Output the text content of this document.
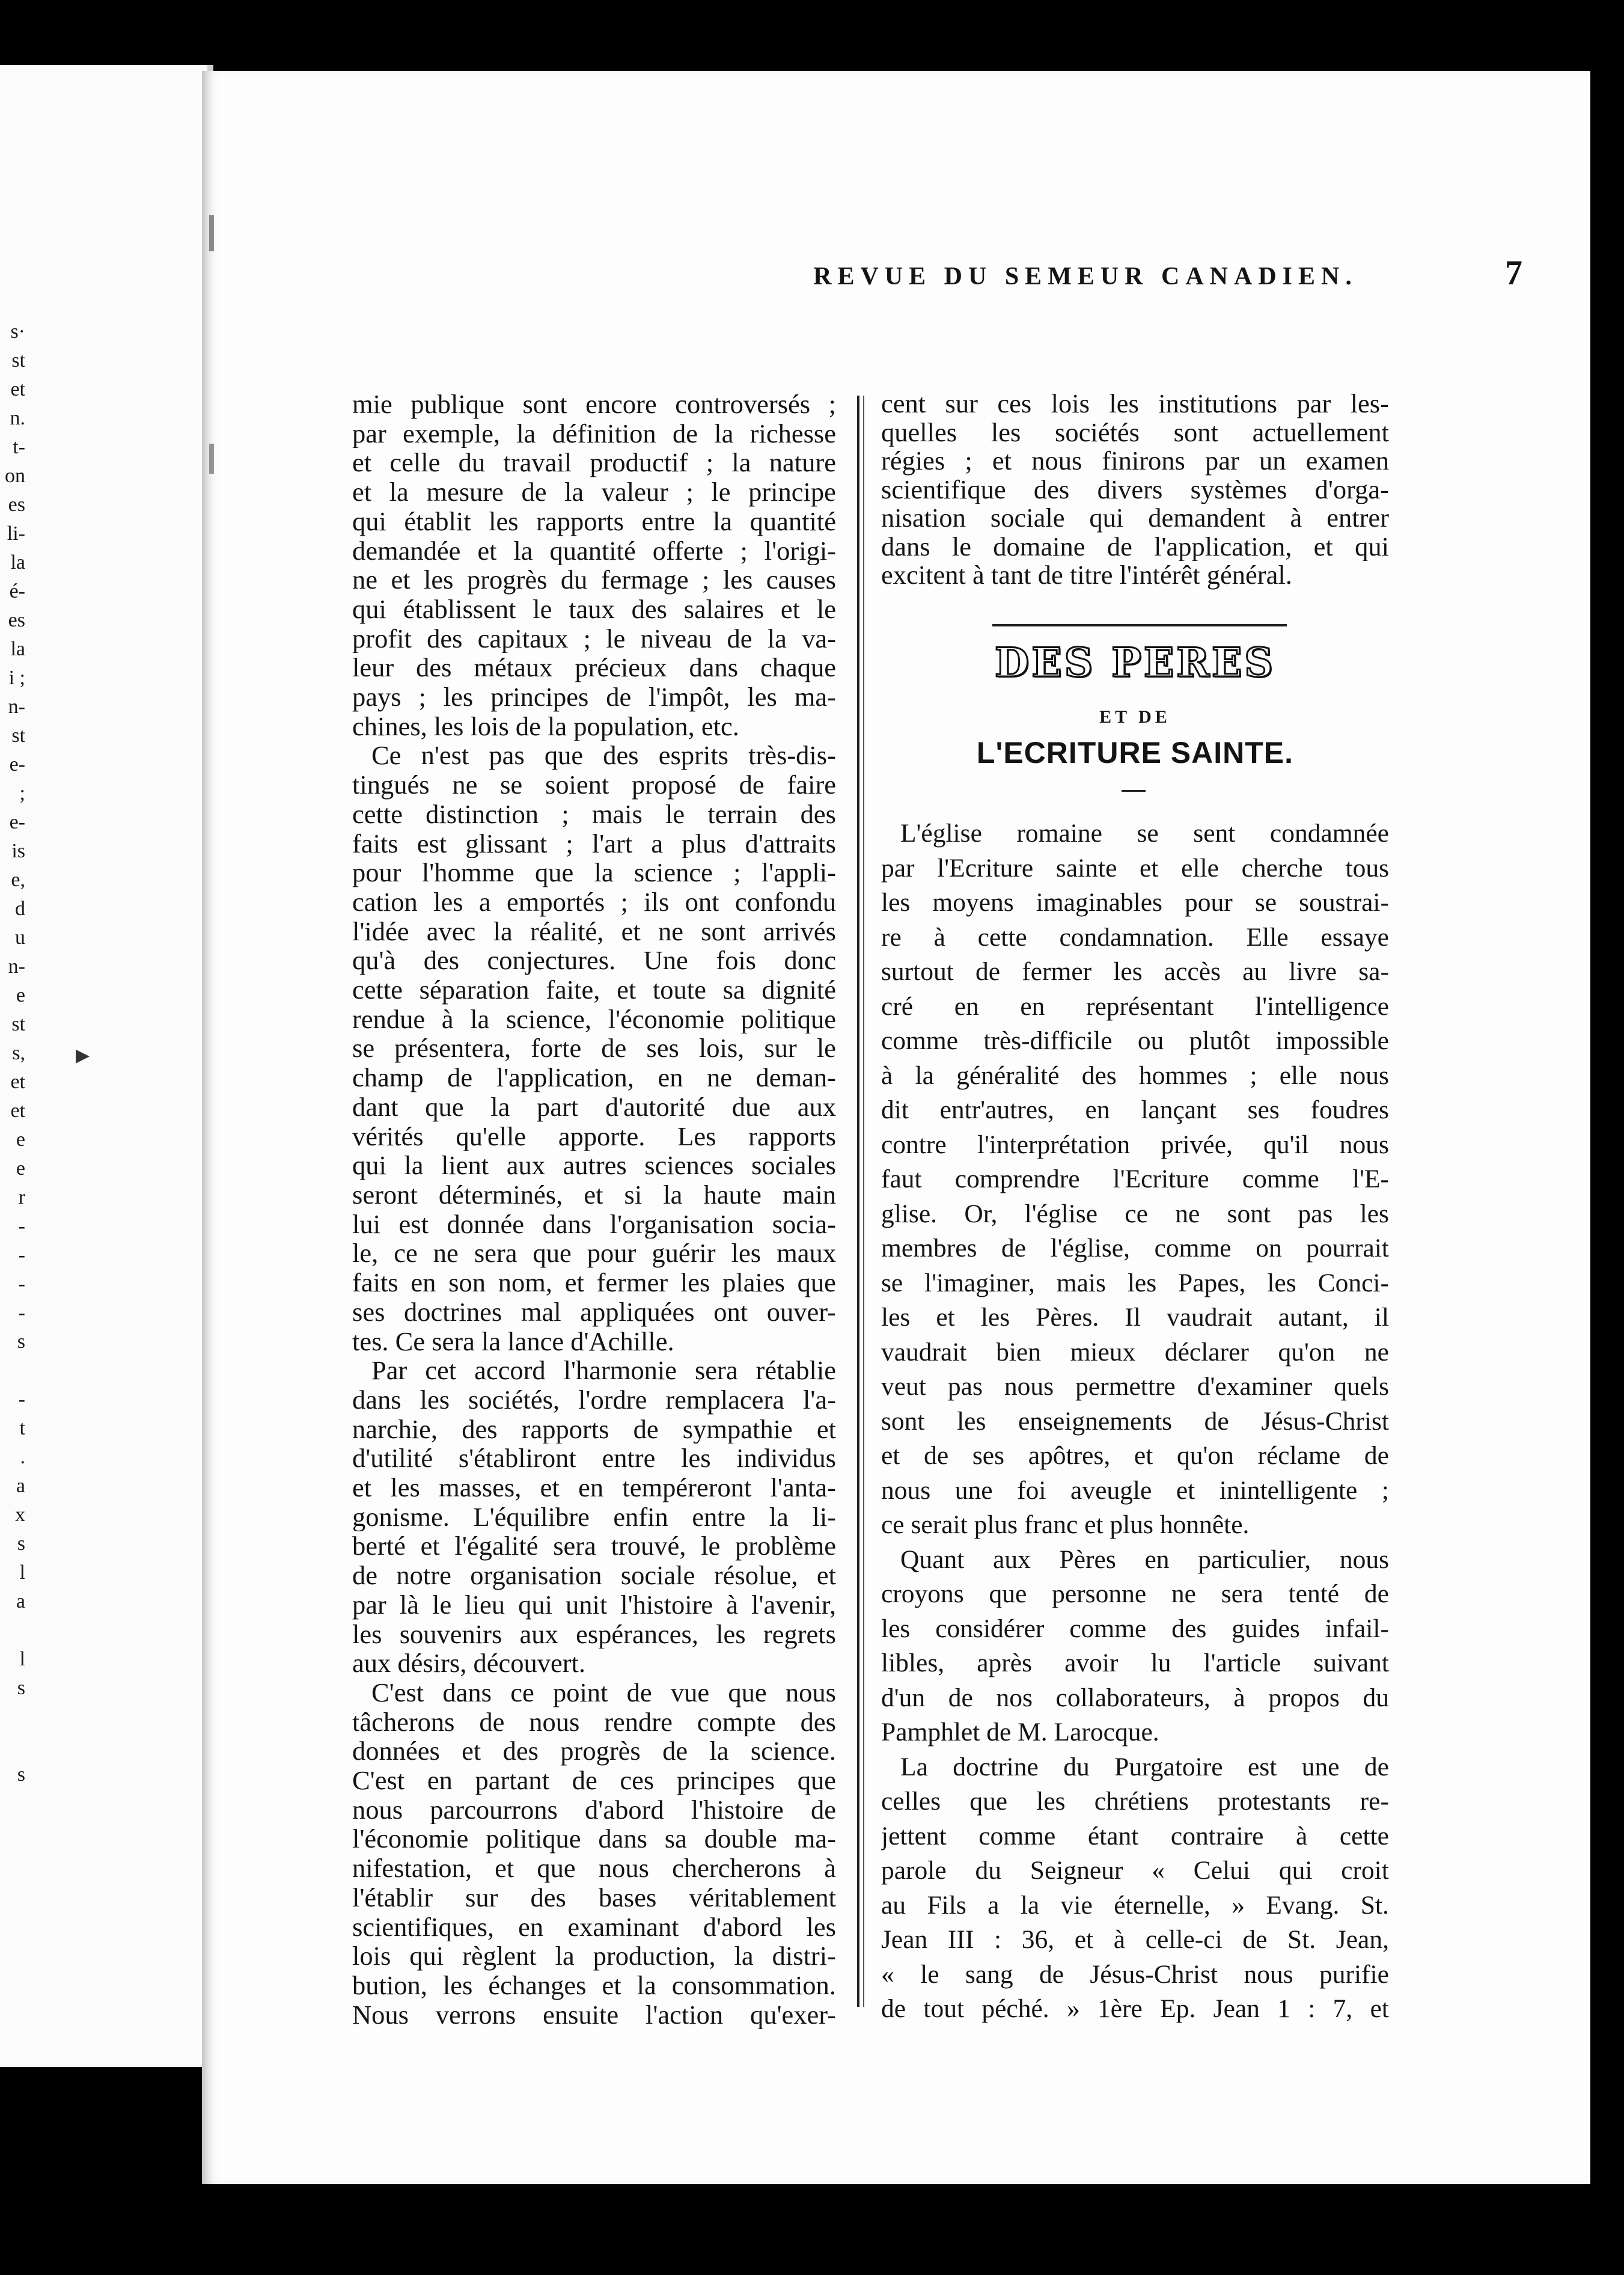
s·
st
et
n.
t-
on
es
li-
la
é-
es
la
i ;
n-
st
e-
;
e-
is
e,
d
u
n-
e
st
s,
et
et
e
e
r
-
-
-
-
s
-
t
.
a
x
s
l
a
l
s
s
REVUE DU SEMEUR CANADIEN.	7
mie publique sont encore controversés ;
par exemple, la définition de la richesse
et celle du travail productif ; la nature
et la mesure de la valeur ; le principe
qui établit les rapports entre la quantité
demandée et la quantité offerte ; l'origi-
ne et les progrès du fermage ; les causes
qui établissent le taux des salaires et le
profit des capitaux ; le niveau de la va-
leur des métaux précieux dans chaque
pays ; les principes de l'impôt, les ma-
chines, les lois de la population, etc.
Ce n'est pas que des esprits très-dis-
tingués ne se soient proposé de faire
cette distinction ; mais le terrain des
faits est glissant ; l'art a plus d'attraits
pour l'homme que la science ; l'appli-
cation les a emportés ; ils ont confondu
l'idée avec la réalité, et ne sont arrivés
qu'à des conjectures. Une fois donc
cette séparation faite, et toute sa dignité
rendue à la science, l'économie politique
se présentera, forte de ses lois, sur le
champ de l'application, en ne deman-
dant que la part d'autorité due aux
vérités qu'elle apporte. Les rapports
qui la lient aux autres sciences sociales
seront déterminés, et si la haute main
lui est donnée dans l'organisation socia-
le, ce ne sera que pour guérir les maux
faits en son nom, et fermer les plaies que
ses doctrines mal appliquées ont ouver-
tes. Ce sera la lance d'Achille.
Par cet accord l'harmonie sera rétablie
dans les sociétés, l'ordre remplacera l'a-
narchie, des rapports de sympathie et
d'utilité s'établiront entre les individus
et les masses, et en tempéreront l'anta-
gonisme. L'équilibre enfin entre la li-
berté et l'égalité sera trouvé, le problème
de notre organisation sociale résolue, et
par là le lieu qui unit l'histoire à l'avenir,
les souvenirs aux espérances, les regrets
aux désirs, découvert.
C'est dans ce point de vue que nous
tâcherons de nous rendre compte des
données et des progrès de la science.
C'est en partant de ces principes que
nous parcourrons d'abord l'histoire de
l'économie politique dans sa double ma-
nifestation, et que nous chercherons à
l'établir sur des bases véritablement
scientifiques, en examinant d'abord les
lois qui règlent la production, la distri-
bution, les échanges et la consommation.
Nous verrons ensuite l'action qu'exer-
cent sur ces lois les institutions par les-
quelles les sociétés sont actuellement
régies ; et nous finirons par un examen
scientifique des divers systèmes d'orga-
nisation sociale qui demandent à entrer
dans le domaine de l'application, et qui
excitent à tant de titre l'intérêt général.
DES PERES
ET DE
L'ECRITURE SAINTE.
L'église romaine se sent condamnée
par l'Ecriture sainte et elle cherche tous
les moyens imaginables pour se soustrai-
re à cette condamnation. Elle essaye
surtout de fermer les accès au livre sa-
cré en en représentant l'intelligence
comme très-difficile ou plutôt impossible
à la généralité des hommes ; elle nous
dit entr'autres, en lançant ses foudres
contre l'interprétation privée, qu'il nous
faut comprendre l'Ecriture comme l'E-
glise. Or, l'église ce ne sont pas les
membres de l'église, comme on pourrait
se l'imaginer, mais les Papes, les Conci-
les et les Pères. Il vaudrait autant, il
vaudrait bien mieux déclarer qu'on ne
veut pas nous permettre d'examiner quels
sont les enseignements de Jésus-Christ
et de ses apôtres, et qu'on réclame de
nous une foi aveugle et inintelligente ;
ce serait plus franc et plus honnête.
Quant aux Pères en particulier, nous
croyons que personne ne sera tenté de
les considérer comme des guides infail-
libles, après avoir lu l'article suivant
d'un de nos collaborateurs, à propos du
Pamphlet de M. Larocque.
La doctrine du Purgatoire est une de
celles que les chrétiens protestants re-
jettent comme étant contraire à cette
parole du Seigneur « Celui qui croit
au Fils a la vie éternelle, » Evang. St.
Jean III : 36, et à celle-ci de St. Jean,
« le sang de Jésus-Christ nous purifie
de tout péché. » 1ère Ep. Jean 1 : 7, et
▶
